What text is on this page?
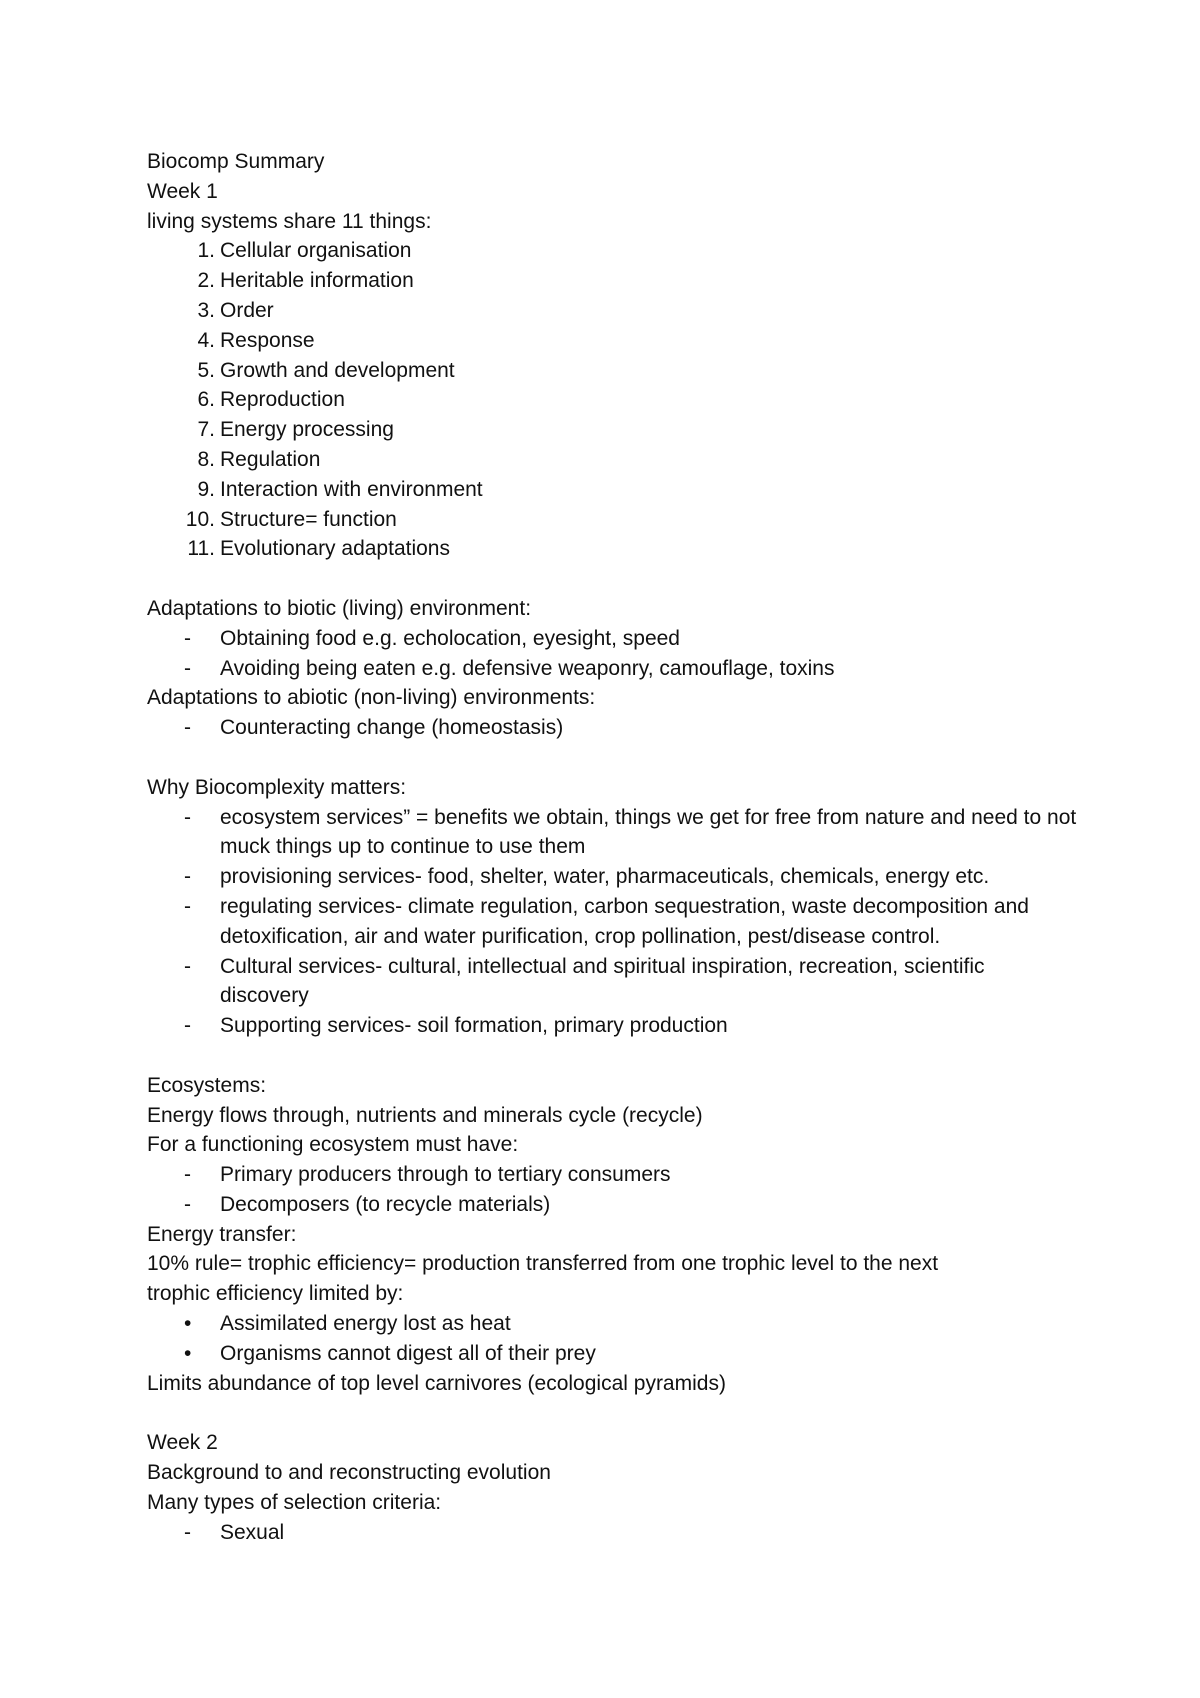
Biocomp Summary
Week 1
living systems share 11 things:
1. Cellular organisation
2. Heritable information
3. Order
4. Response
5. Growth and development
6. Reproduction
7. Energy processing
8. Regulation
9. Interaction with environment
10. Structure= function
11. Evolutionary adaptations
Adaptations to biotic (living) environment:
-	Obtaining food e.g. echolocation, eyesight, speed
-	Avoiding being eaten e.g. defensive weaponry, camouflage, toxins
Adaptations to abiotic (non-living) environments:
-	Counteracting change (homeostasis)
Why Biocomplexity matters:
-	ecosystem services” = benefits we obtain, things we get for free from nature and need to not muck things up to continue to use them
-	provisioning services- food, shelter, water, pharmaceuticals, chemicals, energy etc.
-	regulating services- climate regulation, carbon sequestration, waste decomposition and detoxification, air and water purification, crop pollination, pest/disease control.
-	Cultural services- cultural, intellectual and spiritual inspiration, recreation, scientific discovery
-	Supporting services- soil formation, primary production
Ecosystems:
Energy flows through, nutrients and minerals cycle (recycle)
For a functioning ecosystem must have:
-	Primary producers through to tertiary consumers
-	Decomposers (to recycle materials)
Energy transfer:
10% rule= trophic efficiency= production transferred from one trophic level to the next
trophic efficiency limited by:
•	Assimilated energy lost as heat
•	Organisms cannot digest all of their prey
Limits abundance of top level carnivores (ecological pyramids)
Week 2
Background to and reconstructing evolution
Many types of selection criteria:
-	Sexual
